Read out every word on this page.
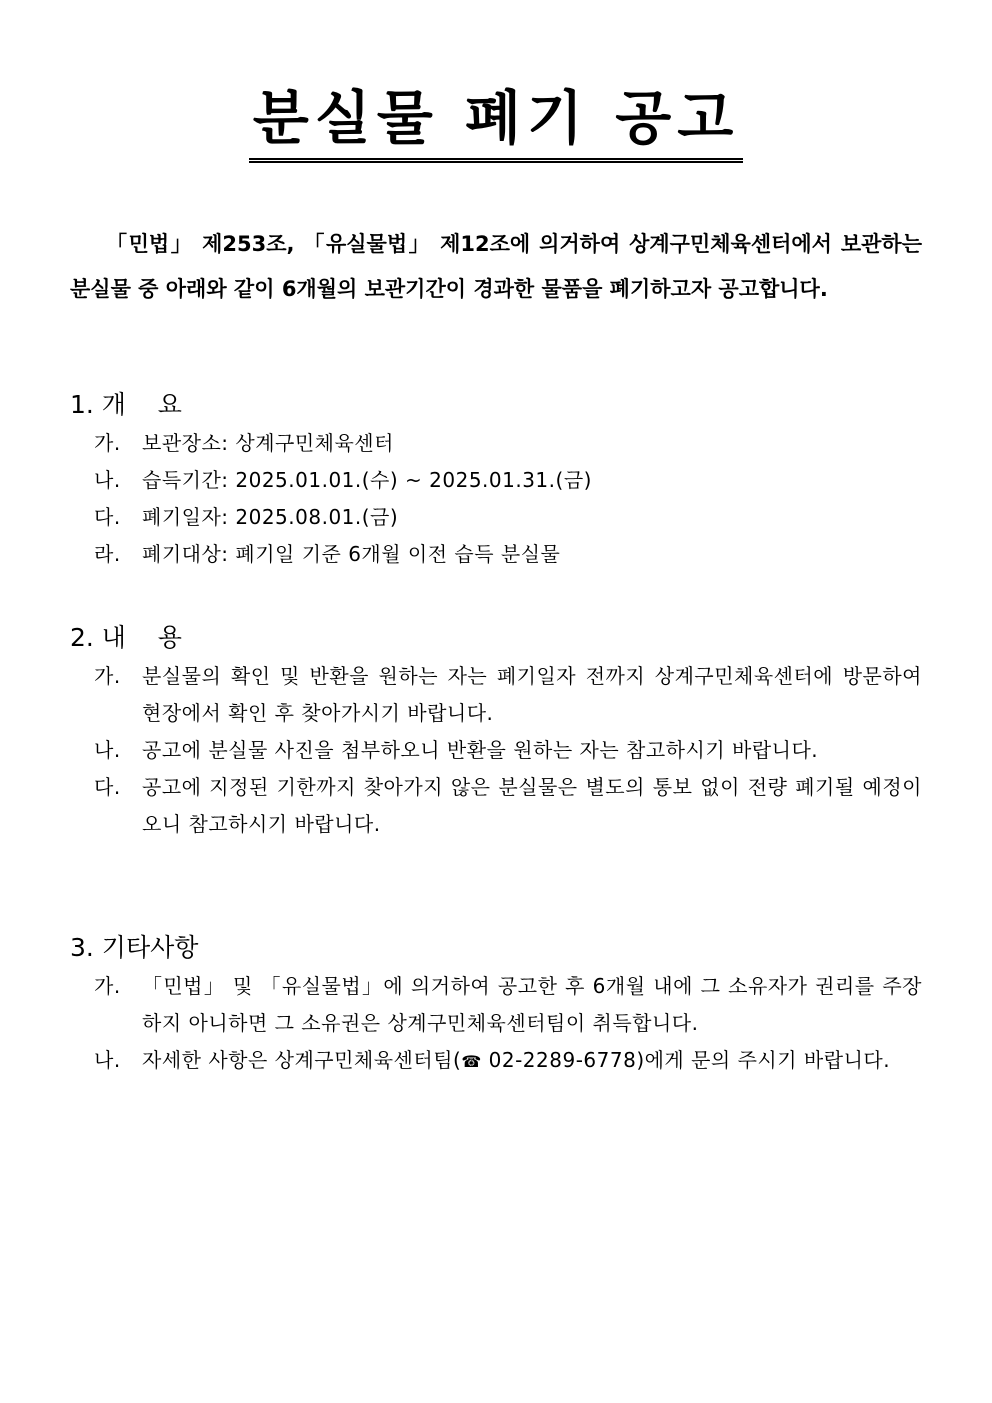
분실물 폐기 공고
「민법」 제253조, 「유실물법」 제12조에 의거하여 상계구민체육센터에서 보관하는 분실물 중 아래와 같이 6개월의 보관기간이 경과한 물품을 폐기하고자 공고합니다.
1. 개    요
가. 보관장소: 상계구민체육센터
나. 습득기간: 2025.01.01.(수) ~ 2025.01.31.(금)
다. 폐기일자: 2025.08.01.(금)
라. 폐기대상: 폐기일 기준 6개월 이전 습득 분실물
2. 내    용
가. 분실물의 확인 및 반환을 원하는 자는 폐기일자 전까지 상계구민체육센터에 방문하여 현장에서 확인 후 찾아가시기 바랍니다.
나. 공고에 분실물 사진을 첨부하오니 반환을 원하는 자는 참고하시기 바랍니다.
다. 공고에 지정된 기한까지 찾아가지 않은 분실물은 별도의 통보 없이 전량 폐기될 예정이오니 참고하시기 바랍니다.
3. 기타사항
가. 「민법」 및 「유실물법」에 의거하여 공고한 후 6개월 내에 그 소유자가 권리를 주장하지 아니하면 그 소유권은 상계구민체육센터팀이 취득합니다.
나. 자세한 사항은 상계구민체육센터팀(☎ 02-2289-6778)에게 문의 주시기 바랍니다.
